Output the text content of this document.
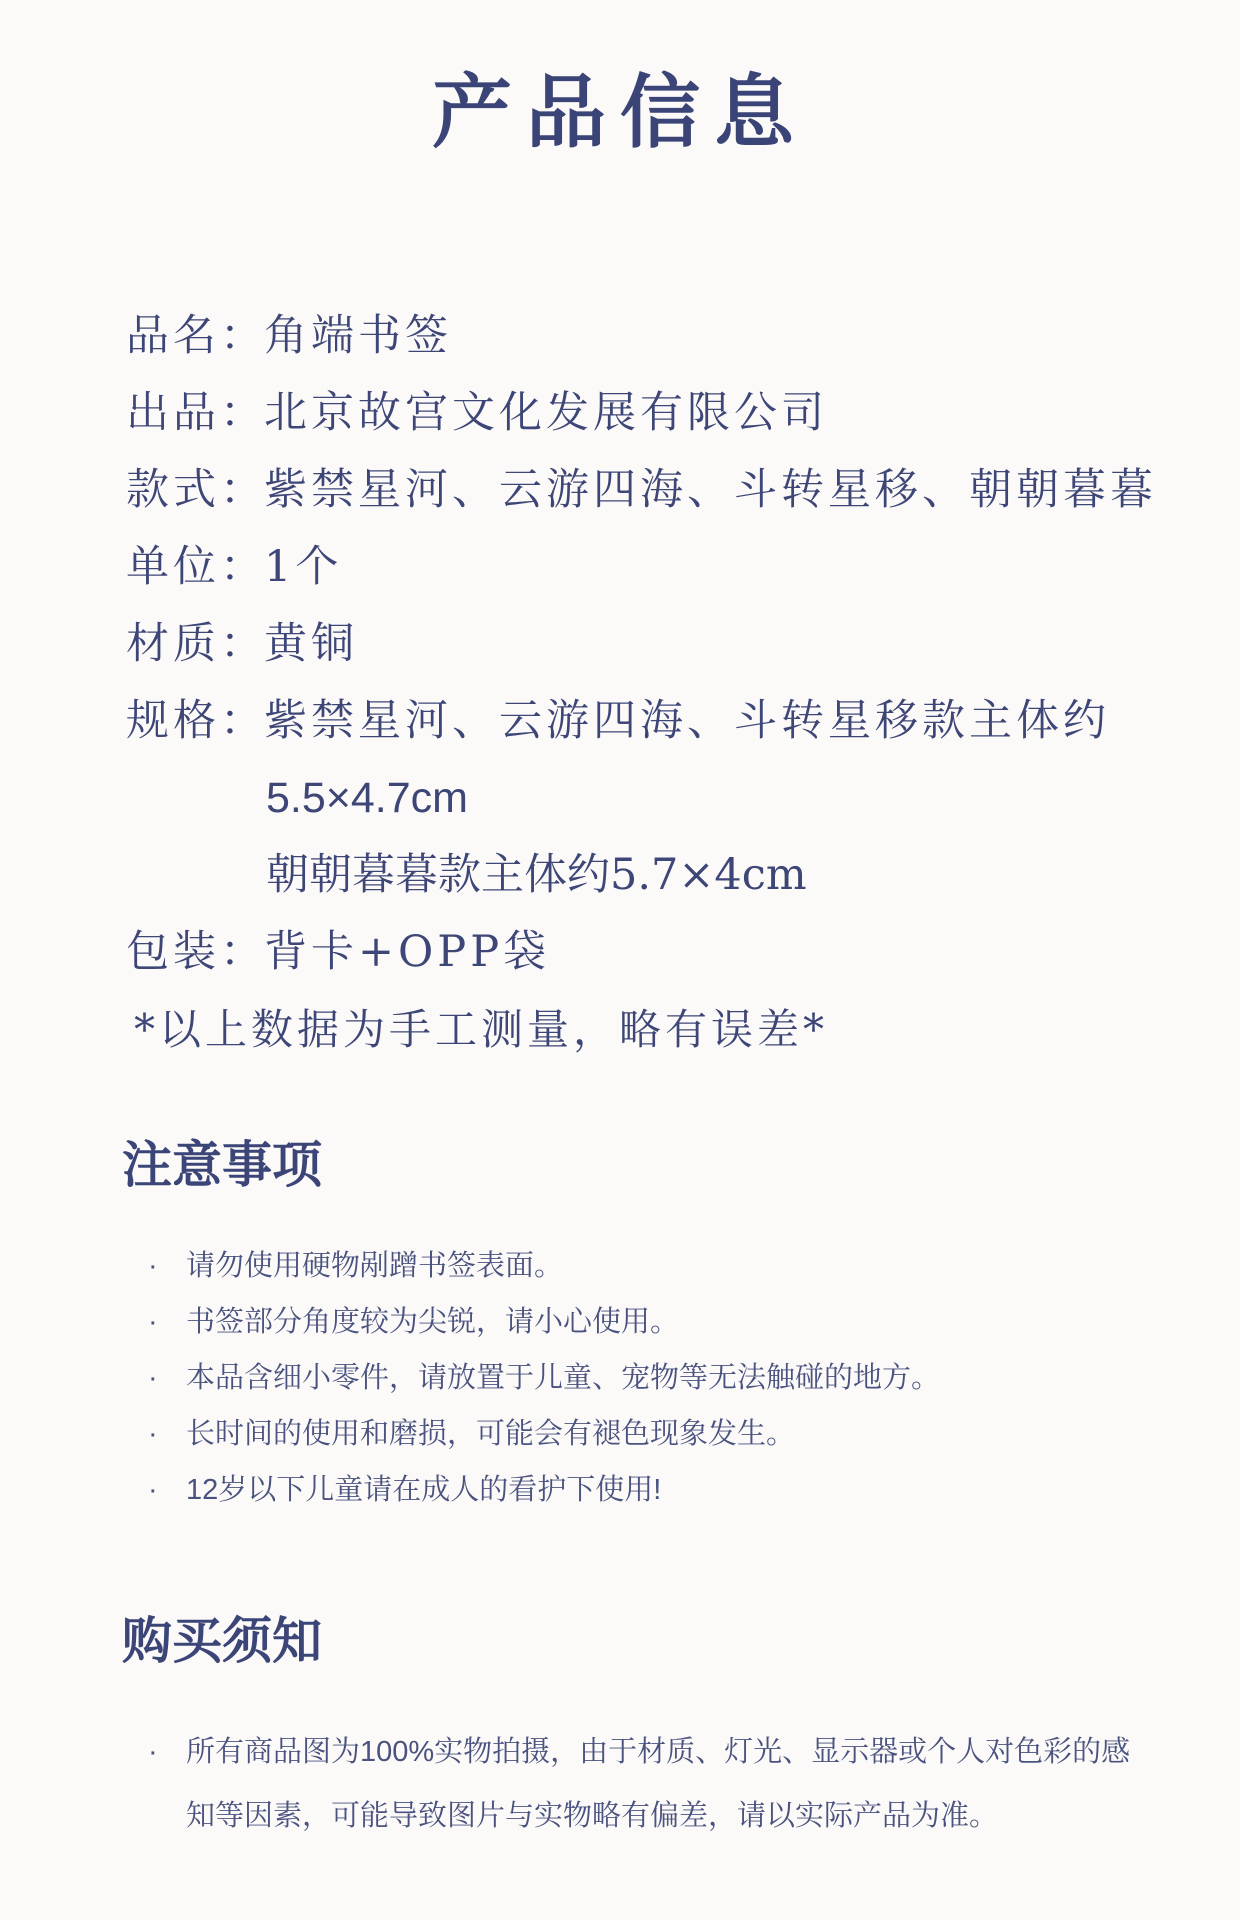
产品信息
品名：
角端书签
出品：
北京故宫文化发展有限公司
款式：
紫禁星河、云游四海、斗转星移、朝朝暮暮
单位：
1个
材质：
黄铜
规格：
紫禁星河、云游四海、斗转星移款主体约
5.5×4.7cm
朝朝暮暮款主体约5.7×4cm
包装：
背卡+OPP袋
*以上数据为手工测量，略有误差*
注意事项
· 请勿使用硬物剐蹭书签表面。
· 书签部分角度较为尖锐，请小心使用。
· 本品含细小零件，请放置于儿童、宠物等无法触碰的地方。
· 长时间的使用和磨损，可能会有褪色现象发生。
· 12岁以下儿童请在成人的看护下使用!
购买须知
· 所有商品图为100%实物拍摄，由于材质、灯光、显示器或个人对色彩的感知等因素，可能导致图片与实物略有偏差，请以实际产品为准。
